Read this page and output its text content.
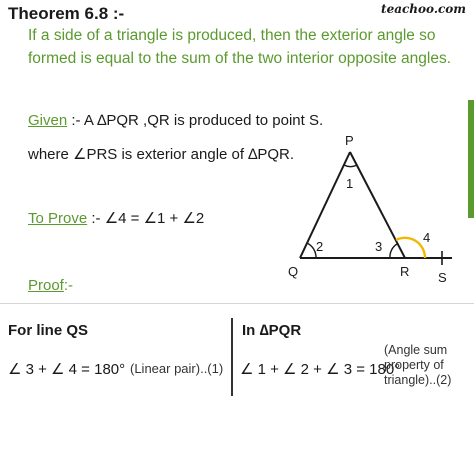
Theorem 6.8 :-	teachoo.com
If a side of a triangle is produced, then the exterior angle so
formed is equal to the sum of the two interior opposite angles.
Given :- A ∆PQR ,QR is produced to point S.
where ∠PRS is exterior angle of ∆PQR.
To Prove :- ∠4 = ∠1 + ∠2
Proof:-
P
Q	R S
1
2	3
4
For line QS
∠ 3 + ∠ 4 = 180° (Linear pair)..(1)
In ∆PQR
∠ 1 + ∠ 2 + ∠ 3 = 180°
(Angle sum property of triangle)..(2)
